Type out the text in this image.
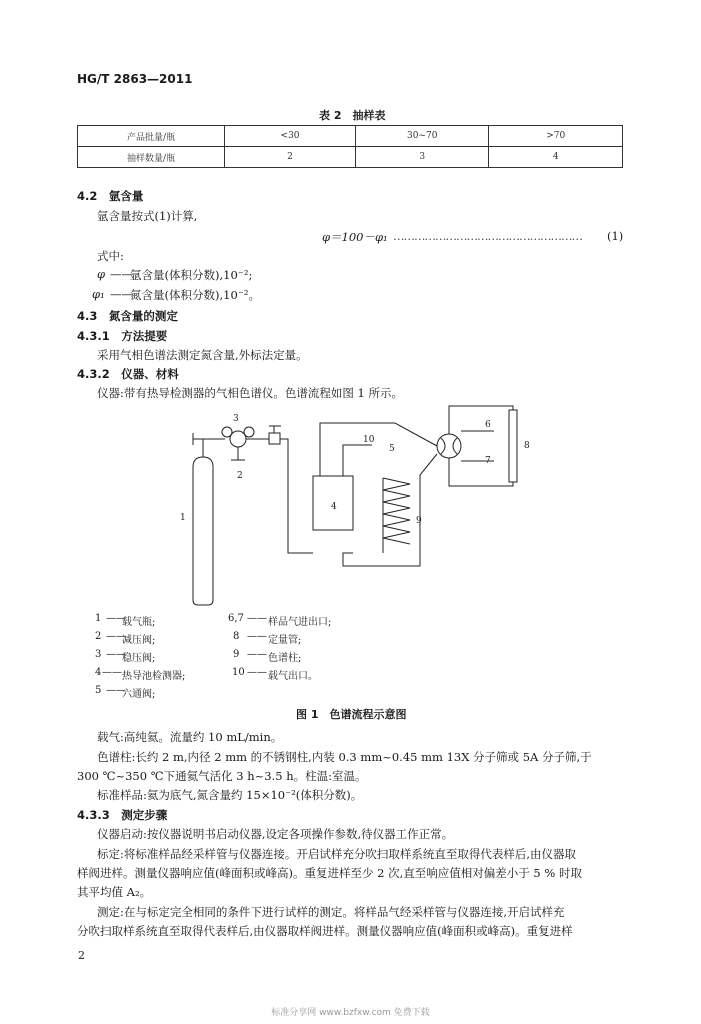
HG/T 2863—2011
表 2　抽样表
产品批量/瓶	<30	30~70	>70
抽样数量/瓶	2	3	4
4.2　氩含量
氩含量按式(1)计算,
φ＝100－φ₁ ……………………………………………… (1)
式中:
φ ——
氩含量(体积分数),10⁻²;
φ₁ ——
氮含量(体积分数),10⁻²。
4.3　氮含量的测定
4.3.1　方法提要
采用气相色谱法测定氮含量,外标法定量。
4.3.2　仪器、材料
仪器:带有热导检测器的气相色谱仪。色谱流程如图 1 所示。
3
2
1
4
5
6
7
8
9
10
1 ——
载气瓶;	6,7 —— 样品气进出口;
2 ——
减压阀;	8 —— 定量管;
3 ——
稳压阀;	9 —— 色谱柱;
4 —— 热导池检测器;	10 —— 载气出口。
5 ——
六通阀;
图 1　色谱流程示意图
载气:高纯氦。流量约 10 mL/min。
色谱柱:长约 2 m,内径 2 mm 的不锈钢柱,内装 0.3 mm~0.45 mm 13X 分子筛或 5A 分子筛,于
300 ℃~350 ℃下通氦气活化 3 h~3.5 h。柱温:室温。
标准样品:氦为底气,氮含量约 15×10⁻²(体积分数)。
4.3.3　测定步骤
仪器启动:按仪器说明书启动仪器,设定各项操作参数,待仪器工作正常。
标定:将标准样品经采样管与仪器连接。开启试样充分吹扫取样系统直至取得代表样后,由仪器取
样阀进样。测量仪器响应值(峰面积或峰高)。重复进样至少 2 次,直至响应值相对偏差小于 5 % 时取
其平均值 A₂。
测定:在与标定完全相同的条件下进行试样的测定。将样品气经采样管与仪器连接,开启试样充
分吹扫取样系统直至取得代表样后,由仪器取样阀进样。测量仪器响应值(峰面积或峰高)。重复进样
2
标准分享网 www.bzfxw.com 免费下载
